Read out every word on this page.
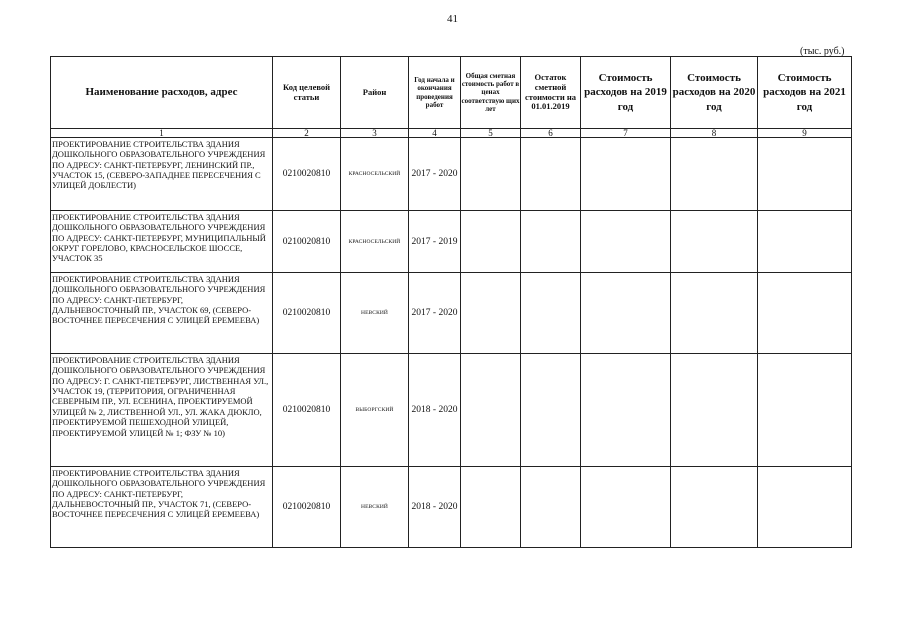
41
(тыс. руб.)
Наименование расходов, адрес	Код целевой статьи	Район	Год начала и окончания проведения работ	Общая сметная стоимость работ в ценах соответствую щих лет	Остаток сметной стоимости на 01.01.2019	Стоимость расходов на 2019 год	Стоимость расходов на 2020 год	Стоимость расходов на 2021 год
1	2	3	4	5	6	7	8	9
ПРОЕКТИРОВАНИЕ СТРОИТЕЛЬСТВА ЗДАНИЯ ДОШКОЛЬНОГО ОБРАЗОВАТЕЛЬНОГО УЧРЕЖДЕНИЯ ПО АДРЕСУ: САНКТ-ПЕТЕРБУРГ, ЛЕНИНСКИЙ ПР., УЧАСТОК 15, (СЕВЕРО-ЗАПАДНЕЕ ПЕРЕСЕЧЕНИЯ С УЛИЦЕЙ ДОБЛЕСТИ)	0210020810	КРАСНОСЕЛЬСКИЙ	2017 - 2020					
ПРОЕКТИРОВАНИЕ СТРОИТЕЛЬСТВА ЗДАНИЯ ДОШКОЛЬНОГО ОБРАЗОВАТЕЛЬНОГО УЧРЕЖДЕНИЯ ПО АДРЕСУ: САНКТ-ПЕТЕРБУРГ, МУНИЦИПАЛЬНЫЙ ОКРУГ ГОРЕЛОВО, КРАСНОСЕЛЬСКОЕ ШОССЕ, УЧАСТОК 35	0210020810	КРАСНОСЕЛЬСКИЙ	2017 - 2019					
ПРОЕКТИРОВАНИЕ СТРОИТЕЛЬСТВА ЗДАНИЯ ДОШКОЛЬНОГО ОБРАЗОВАТЕЛЬНОГО УЧРЕЖДЕНИЯ ПО АДРЕСУ: САНКТ-ПЕТЕРБУРГ, ДАЛЬНЕВОСТОЧНЫЙ ПР., УЧАСТОК 69, (СЕВЕРО-ВОСТОЧНЕЕ ПЕРЕСЕЧЕНИЯ С УЛИЦЕЙ ЕРЕМЕЕВА)	0210020810	НЕВСКИЙ	2017 - 2020					
ПРОЕКТИРОВАНИЕ СТРОИТЕЛЬСТВА ЗДАНИЯ ДОШКОЛЬНОГО ОБРАЗОВАТЕЛЬНОГО УЧРЕЖДЕНИЯ ПО АДРЕСУ: Г. САНКТ-ПЕТЕРБУРГ, ЛИСТВЕННАЯ УЛ., УЧАСТОК 19, (ТЕРРИТОРИЯ, ОГРАНИЧЕННАЯ СЕВЕРНЫМ ПР., УЛ. ЕСЕНИНА, ПРОЕКТИРУЕМОЙ УЛИЦЕЙ № 2, ЛИСТВЕННОЙ УЛ., УЛ. ЖАКА ДЮКЛО, ПРОЕКТИРУЕМОЙ ПЕШЕХОДНОЙ УЛИЦЕЙ, ПРОЕКТИРУЕМОЙ УЛИЦЕЙ № 1; ФЗУ № 10)	0210020810	ВЫБОРГСКИЙ	2018 - 2020					
ПРОЕКТИРОВАНИЕ СТРОИТЕЛЬСТВА ЗДАНИЯ ДОШКОЛЬНОГО ОБРАЗОВАТЕЛЬНОГО УЧРЕЖДЕНИЯ ПО АДРЕСУ: САНКТ-ПЕТЕРБУРГ, ДАЛЬНЕВОСТОЧНЫЙ ПР., УЧАСТОК 71, (СЕВЕРО-ВОСТОЧНЕЕ ПЕРЕСЕЧЕНИЯ С УЛИЦЕЙ ЕРЕМЕЕВА)	0210020810	НЕВСКИЙ	2018 - 2020					
